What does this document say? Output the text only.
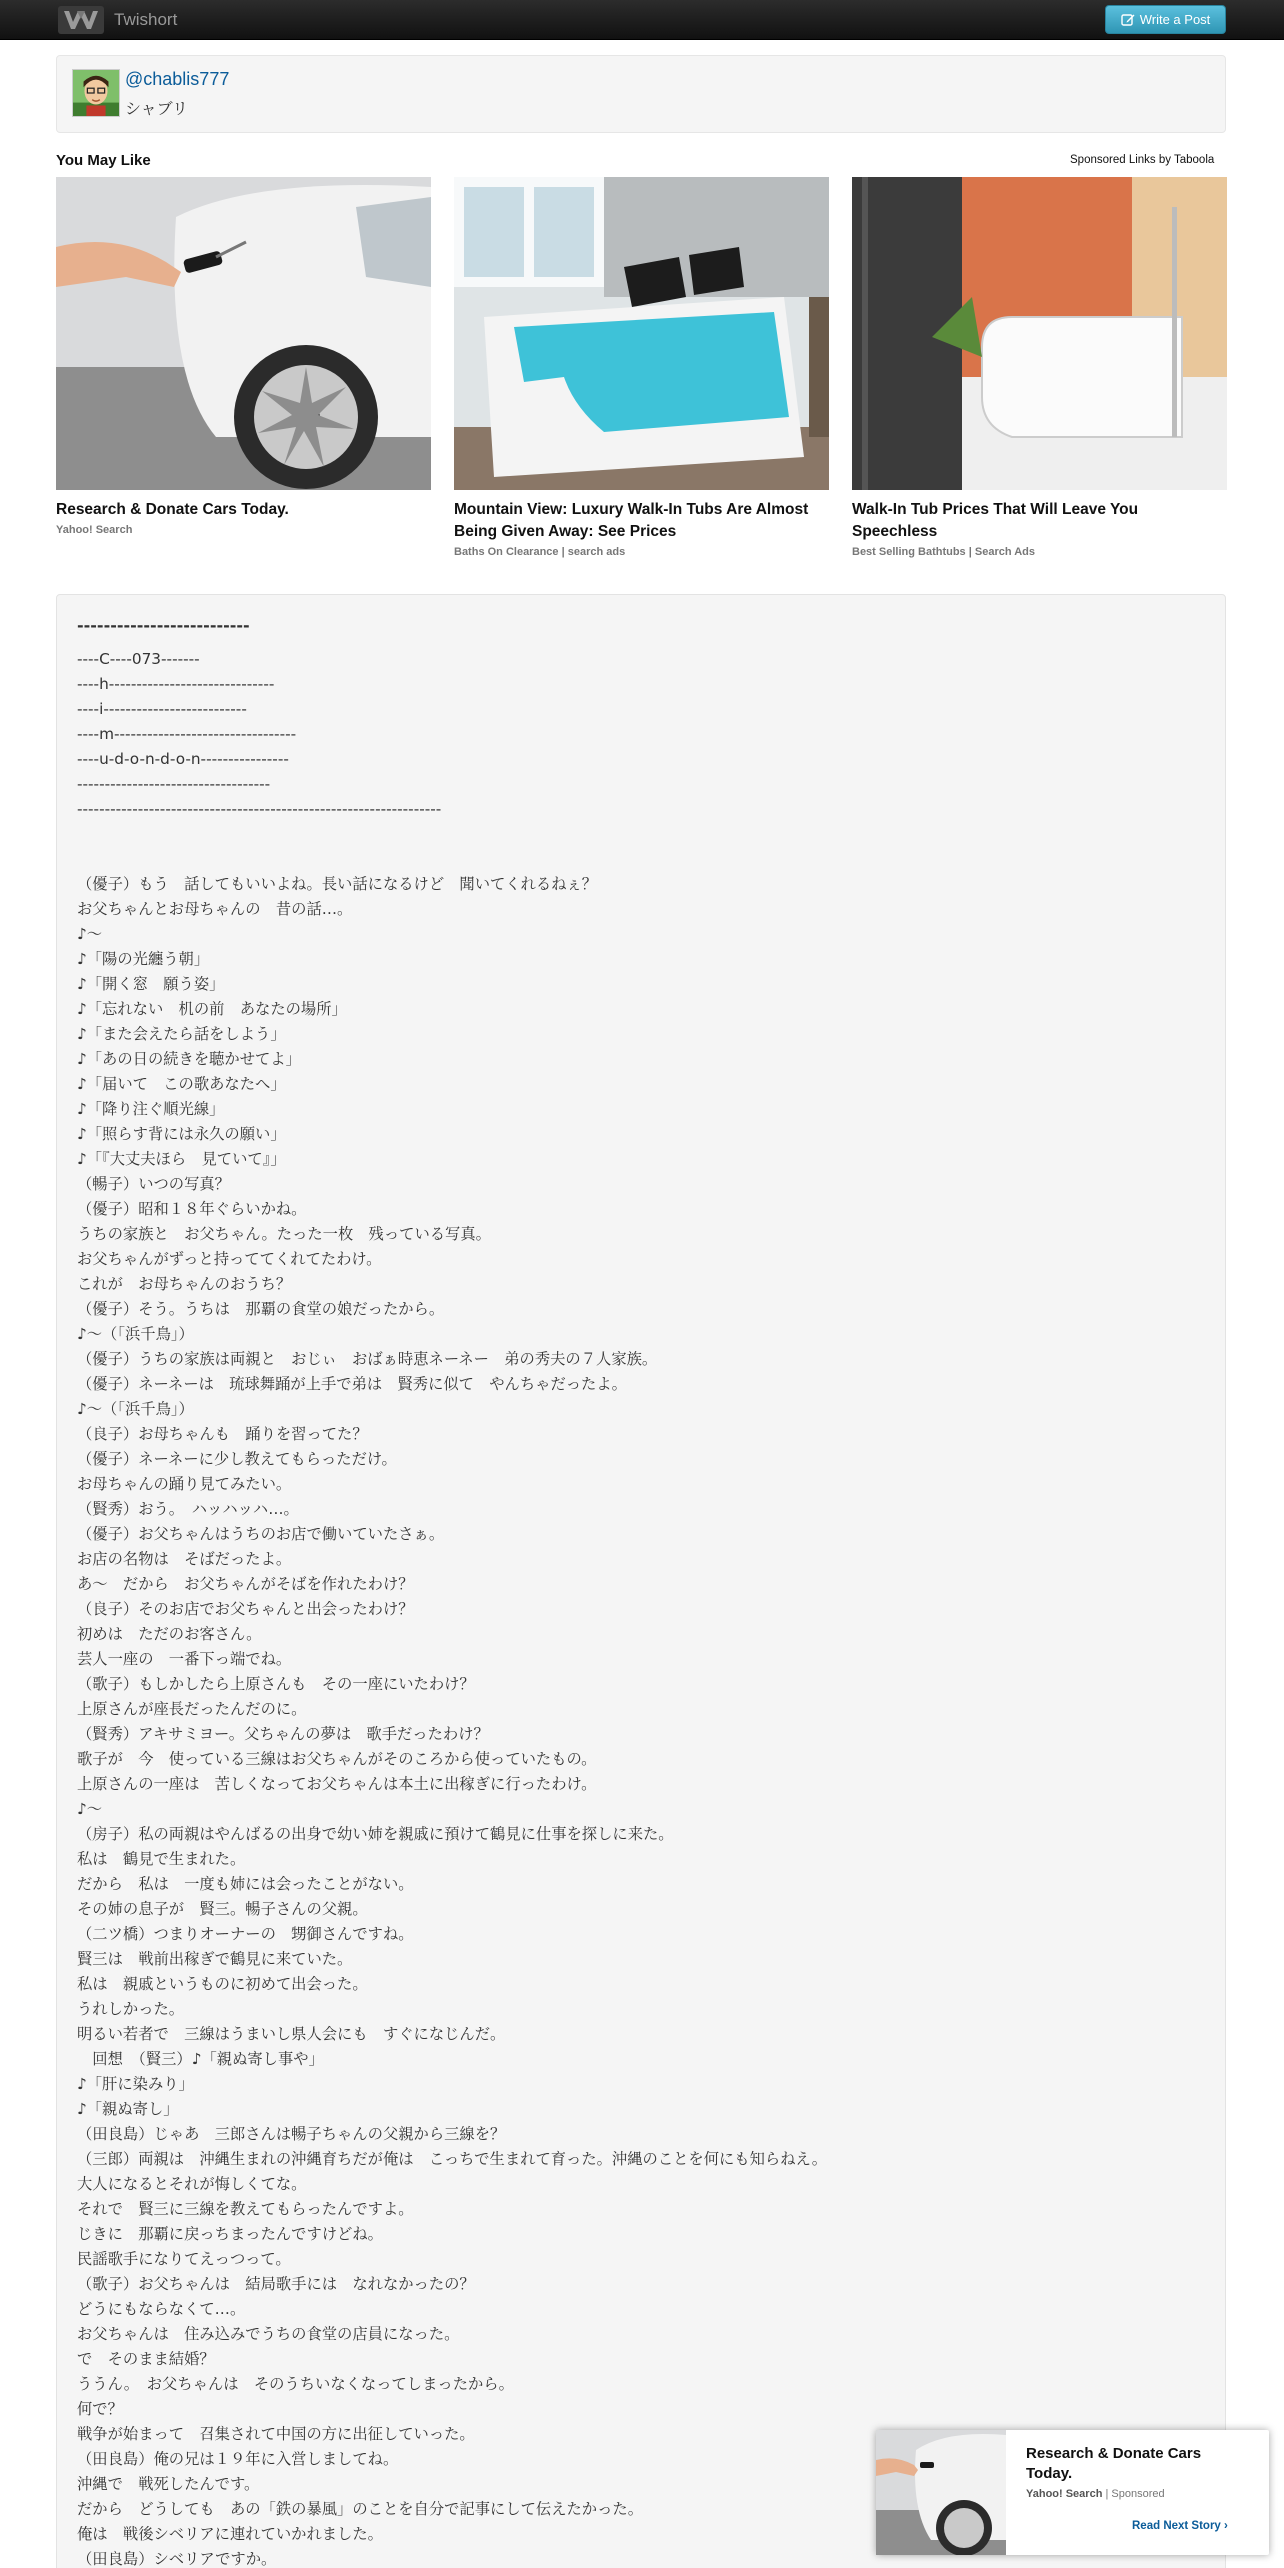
Twishort	Write a Post
@chablis777
シャブリ
You May Like	Sponsored Links by Taboola
Research & Donate Cars Today.
Yahoo! Search
Mountain View: Luxury Walk-In Tubs Are Almost Being Given Away: See Prices
Baths On Clearance | search ads
Walk-In Tub Prices That Will Leave You Speechless
Best Selling Bathtubs | Search Ads
--------------------------
----C----073-------
----h------------------------------
----i--------------------------
----m---------------------------------
----u-d-o-n-d-o-n----------------
-----------------------------------
------------------------------------------------------------------
（優子）もう　話してもいいよね。長い話になるけど　聞いてくれるねぇ？
お父ちゃんとお母ちゃんの　昔の話…。
♪～
♪「陽の光纏う朝」
♪「開く窓　願う姿」
♪「忘れない　机の前　あなたの場所」
♪「また会えたら話をしよう」
♪「あの日の続きを聴かせてよ」
♪「届いて　この歌あなたへ」
♪「降り注ぐ順光線」
♪「照らす背には永久の願い」
♪「『大丈夫ほら　見ていて』」
（暢子）いつの写真？
（優子）昭和１８年ぐらいかね。
うちの家族と　お父ちゃん。たった一枚　残っている写真。
お父ちゃんがずっと持っててくれてたわけ。
これが　お母ちゃんのおうち？
（優子）そう。うちは　那覇の食堂の娘だったから。
♪～（「浜千鳥」）
（優子）うちの家族は両親と　おじぃ　おばぁ時恵ネーネー　弟の秀夫の７人家族。
（優子）ネーネーは　琉球舞踊が上手で弟は　賢秀に似て　やんちゃだったよ。
♪～（「浜千鳥」）
（良子）お母ちゃんも　踊りを習ってた？
（優子）ネーネーに少し教えてもらっただけ。
お母ちゃんの踊り見てみたい。
（賢秀）おう。　ハッハッハ…。
（優子）お父ちゃんはうちのお店で働いていたさぁ。
お店の名物は　そばだったよ。
あ～　だから　お父ちゃんがそばを作れたわけ？
（良子）そのお店でお父ちゃんと出会ったわけ？
初めは　ただのお客さん。
芸人一座の　一番下っ端でね。
（歌子）もしかしたら上原さんも　その一座にいたわけ？
上原さんが座長だったんだのに。
（賢秀）アキサミヨー。父ちゃんの夢は　歌手だったわけ？
歌子が　今　使っている三線はお父ちゃんがそのころから使っていたもの。
上原さんの一座は　苦しくなってお父ちゃんは本土に出稼ぎに行ったわけ。
♪～
（房子）私の両親はやんばるの出身で幼い姉を親戚に預けて鶴見に仕事を探しに来た。
私は　鶴見で生まれた。
だから　私は　一度も姉には会ったことがない。
その姉の息子が　賢三。暢子さんの父親。
（二ツ橋）つまりオーナーの　甥御さんですね。
賢三は　戦前出稼ぎで鶴見に来ていた。
私は　親戚というものに初めて出会った。
うれしかった。
明るい若者で　三線はうまいし県人会にも　すぐになじんだ。
　回想　（賢三）♪「親ぬ寄し事や」
♪「肝に染みり」
♪「親ぬ寄し」
（田良島）じゃあ　三郎さんは暢子ちゃんの父親から三線を？
（三郎）両親は　沖縄生まれの沖縄育ちだが俺は　こっちで生まれて育った。沖縄のことを何にも知らねえ。
大人になるとそれが悔しくてな。
それで　賢三に三線を教えてもらったんですよ。
じきに　那覇に戻っちまったんですけどね。
民謡歌手になりてえっつって。
（歌子）お父ちゃんは　結局歌手には　なれなかったの？
どうにもならなくて…。
お父ちゃんは　住み込みでうちの食堂の店員になった。
で　そのまま結婚？
ううん。　お父ちゃんは　そのうちいなくなってしまったから。
何で？
戦争が始まって　召集されて中国の方に出征していった。
（田良島）俺の兄は１９年に入営しましてね。
沖縄で　戦死したんです。
だから　どうしても　あの「鉄の暴風」のことを自分で記事にして伝えたかった。
俺は　戦後シベリアに連れていかれました。
（田良島）シベリアですか。
Research & Donate Cars Today.
Yahoo! Search | Sponsored
Read Next Story ›
